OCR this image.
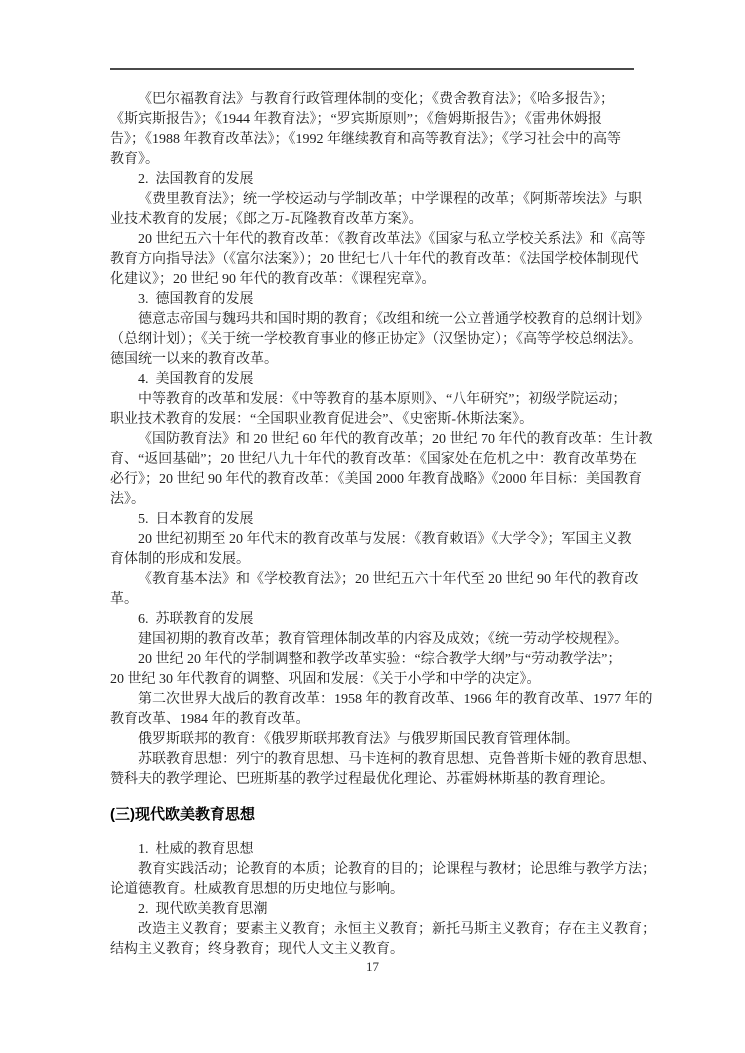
《巴尔福教育法》与教育行政管理体制的变化；《费舍教育法》；《哈多报告》；
《斯宾斯报告》；《1944 年教育法》；“罗宾斯原则”；《詹姆斯报告》；《雷弗休姆报
告》；《1988 年教育改革法》；《1992 年继续教育和高等教育法》；《学习社会中的高等
教育》。
2.  法国教育的发展
《费里教育法》；统一学校运动与学制改革；中学课程的改革；《阿斯蒂埃法》与职
业技术教育的发展；《郎之万-瓦隆教育改革方案》。
20 世纪五六十年代的教育改革：《教育改革法》《国家与私立学校关系法》和《高等
教育方向指导法》（《富尔法案》）；20 世纪七八十年代的教育改革：《法国学校体制现代
化建议》；20 世纪 90 年代的教育改革：《课程宪章》。
3.  德国教育的发展
德意志帝国与魏玛共和国时期的教育；《改组和统一公立普通学校教育的总纲计划》
（总纲计划）；《关于统一学校教育事业的修正协定》（汉堡协定）；《高等学校总纲法》。
德国统一以来的教育改革。
4.  美国教育的发展
中等教育的改革和发展：《中等教育的基本原则》、“八年研究”；初级学院运动；
职业技术教育的发展：“全国职业教育促进会”、《史密斯-休斯法案》。
《国防教育法》和 20 世纪 60 年代的教育改革；20 世纪 70 年代的教育改革：生计教
育、“返回基础”；20 世纪八九十年代的教育改革：《国家处在危机之中：教育改革势在
必行》；20 世纪 90 年代的教育改革：《美国 2000 年教育战略》《2000 年目标：美国教育
法》。
5.  日本教育的发展
20 世纪初期至 20 年代末的教育改革与发展：《教育敕语》《大学令》；军国主义教
育体制的形成和发展。
《教育基本法》和《学校教育法》；20 世纪五六十年代至 20 世纪 90 年代的教育改
革。
6.  苏联教育的发展
建国初期的教育改革；教育管理体制改革的内容及成效；《统一劳动学校规程》。
20 世纪 20 年代的学制调整和教学改革实验：“综合教学大纲”与“劳动教学法”；
20 世纪 30 年代教育的调整、巩固和发展：《关于小学和中学的决定》。
第二次世界大战后的教育改革：1958 年的教育改革、1966 年的教育改革、1977 年的
教育改革、1984 年的教育改革。
俄罗斯联邦的教育：《俄罗斯联邦教育法》与俄罗斯国民教育管理体制。
苏联教育思想：列宁的教育思想、马卡连柯的教育思想、克鲁普斯卡娅的教育思想、
赞科夫的教学理论、巴班斯基的教学过程最优化理论、苏霍姆林斯基的教育理论。
(三)现代欧美教育思想
1.  杜威的教育思想
教育实践活动；论教育的本质；论教育的目的；论课程与教材；论思维与教学方法；
论道德教育。杜威教育思想的历史地位与影响。
2.  现代欧美教育思潮
改造主义教育；要素主义教育；永恒主义教育；新托马斯主义教育；存在主义教育；
结构主义教育；终身教育；现代人文主义教育。
17
